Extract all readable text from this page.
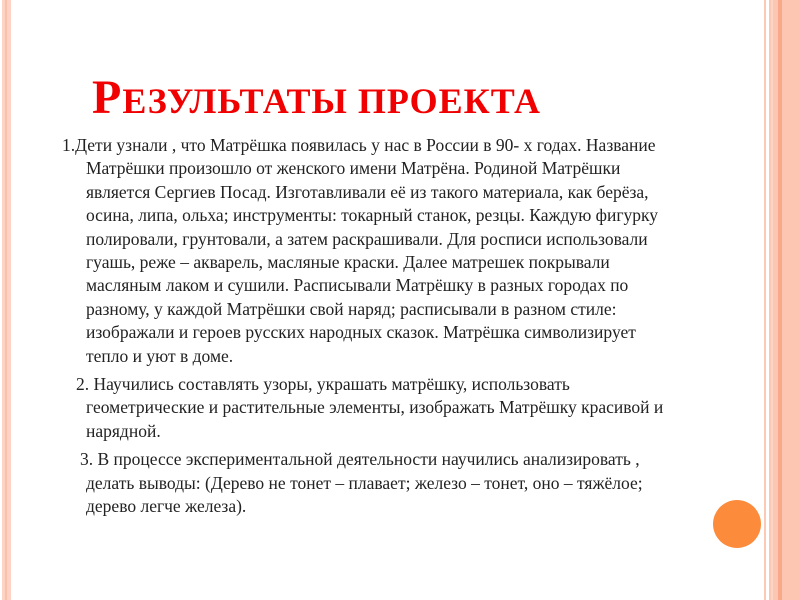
РЕЗУЛЬТАТЫ ПРОЕКТА
1.Дети узнали , что Матрёшка появилась у нас в России в 90- х годах. Название
Матрёшки произошло от женского имени Матрёна. Родиной Матрёшки
является Сергиев Посад. Изготавливали её из такого материала, как берёза,
осина, липа, ольха; инструменты: токарный станок, резцы. Каждую фигурку
полировали, грунтовали, а затем раскрашивали. Для росписи использовали
гуашь, реже – акварель, масляные краски. Далее матрешек покрывали
масляным лаком и сушили. Расписывали Матрёшку в разных городах по
разному, у каждой Матрёшки свой наряд; расписывали в разном стиле:
изображали и героев русских народных сказок. Матрёшка символизирует
тепло и уют в доме.
2. Научились составлять узоры, украшать матрёшку, использовать
геометрические и растительные элементы, изображать Матрёшку красивой и
нарядной.
3. В процессе экспериментальной деятельности научились анализировать ,
делать выводы: (Дерево не тонет – плавает; железо – тонет, оно – тяжёлое;
дерево легче железа).
